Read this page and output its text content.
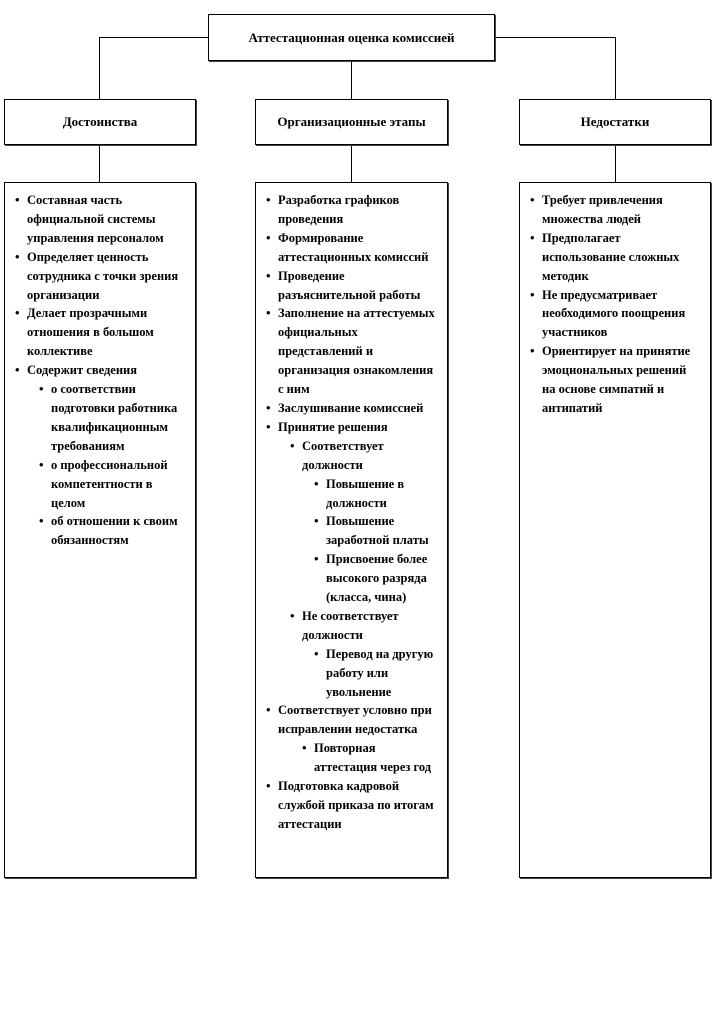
Аттестационная оценка комиссией
Достоинства	Организационные этапы	Недостатки
• Составная часть официальной системы управления персоналом
• Определяет ценность сотрудника с точки зрения организации
• Делает прозрачными отношения в большом коллективе
• Содержит сведения
• о соответствии подготовки работника квалификационным требованиям
• о профессиональной компетентности в целом
• об отношении к своим обязанностям
• Разработка графиков проведения
• Формирование аттестационных комиссий
• Проведение разъяснительной работы
• Заполнение на аттестуемых официальных представлений и организация ознакомления с ним
• Заслушивание комиссией
• Принятие решения
• Соответствует должности
• Повышение в должности
• Повышение заработной платы
• Присвоение более высокого разряда (класса, чина)
• Не соответствует должности
• Перевод на другую работу или увольнение
• Соответствует условно при исправлении недостатка
• Повторная аттестация через год
• Подготовка кадровой службой приказа по итогам аттестации
• Требует привлечения множества людей
• Предполагает использование сложных методик
• Не предусматривает необходимого поощрения участников
• Ориентирует на принятие эмоциональных решений на основе симпатий и антипатий
